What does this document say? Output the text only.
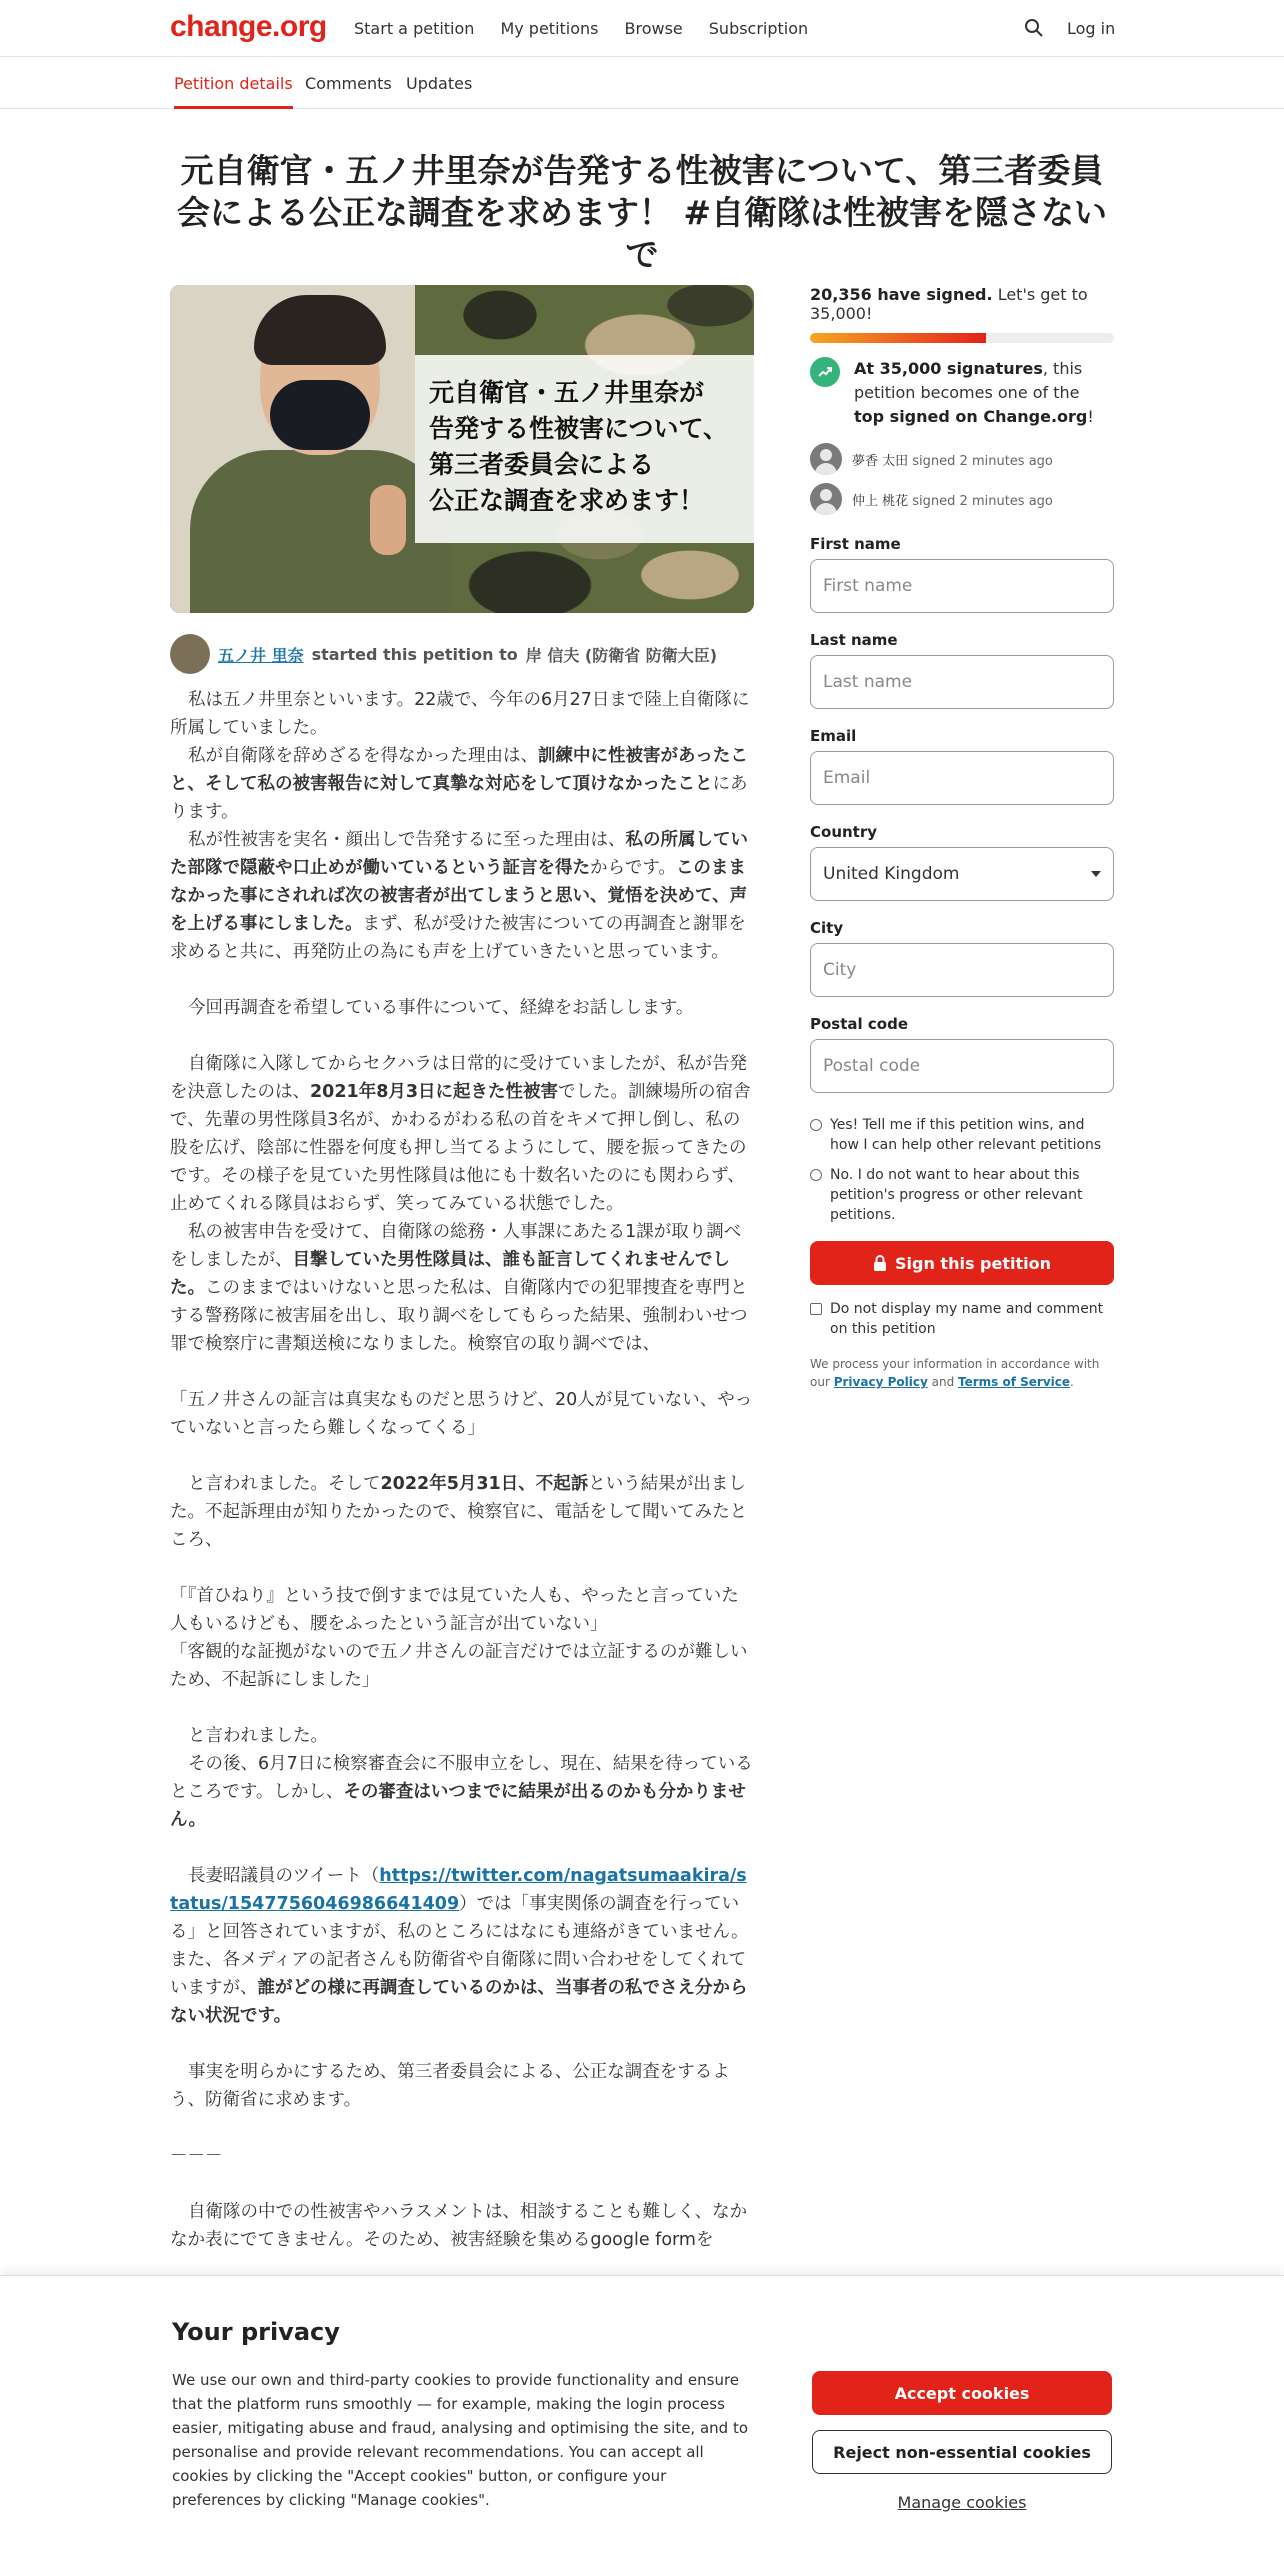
change.org Start a petition My petitions Browse Subscription	Log in
Petition details Comments Updates
元自衛官・五ノ井里奈が告発する性被害について、第三者委員会による公正な調査を求めます！ #自衛隊は性被害を隠さないで
元自衛官・五ノ井里奈が
告発する性被害について、
第三者委員会による
公正な調査を求めます！
五ノ井 里奈 started this petition to 岸 信夫 (防衛省 防衛大臣)

私は五ノ井里奈といいます。22歳で、今年の6月27日まで陸上自衛隊に所属していました。

私が自衛隊を辞めざるを得なかった理由は、訓練中に性被害があったこと、そして私の被害報告に対して真摯な対応をして頂けなかったことにあります。

私が性被害を実名・顔出しで告発するに至った理由は、私の所属していた部隊で隠蔽や口止めが働いているという証言を得たからです。このままなかった事にされれば次の被害者が出てしまうと思い、覚悟を決めて、声を上げる事にしました。まず、私が受けた被害についての再調査と謝罪を求めると共に、再発防止の為にも声を上げていきたいと思っています。

今回再調査を希望している事件について、経緯をお話しします。

自衛隊に入隊してからセクハラは日常的に受けていましたが、私が告発を決意したのは、2021年8月3日に起きた性被害でした。訓練場所の宿舎で、先輩の男性隊員3名が、かわるがわる私の首をキメて押し倒し、私の股を広げ、陰部に性器を何度も押し当てるようにして、腰を振ってきたのです。その様子を見ていた男性隊員は他にも十数名いたのにも関わらず、止めてくれる隊員はおらず、笑ってみている状態でした。

私の被害申告を受けて、自衛隊の総務・人事課にあたる1課が取り調べをしましたが、目撃していた男性隊員は、誰も証言してくれませんでした。このままではいけないと思った私は、自衛隊内での犯罪捜査を専門とする警務隊に被害届を出し、取り調べをしてもらった結果、強制わいせつ罪で検察庁に書類送検になりました。検察官の取り調べでは、

「五ノ井さんの証言は真実なものだと思うけど、20人が見ていない、やっていないと言ったら難しくなってくる」

と言われました。そして2022年5月31日、不起訴という結果が出ました。不起訴理由が知りたかったので、検察官に、電話をして聞いてみたところ、

「『首ひねり』という技で倒すまでは見ていた人も、やったと言っていた人もいるけども、腰をふったという証言が出ていない」

「客観的な証拠がないので五ノ井さんの証言だけでは立証するのが難しいため、不起訴にしました」

と言われました。

その後、6月7日に検察審査会に不服申立をし、現在、結果を待っているところです。しかし、その審査はいつまでに結果が出るのかも分かりません。

長妻昭議員のツイート（https://twitter.com/nagatsumaakira/status/1547756046986641409）では「事実関係の調査を行っている」と回答されていますが、私のところにはなにも連絡がきていません。また、各メディアの記者さんも防衛省や自衛隊に問い合わせをしてくれていますが、誰がどの様に再調査しているのかは、当事者の私でさえ分からない状況です。

事実を明らかにするため、第三者委員会による、公正な調査をするよう、防衛省に求めます。

－－－

自衛隊の中での性被害やハラスメントは、相談することも難しく、なかなか表にでてきません。そのため、被害経験を集めるgoogle formを

20,356 have signed. Let's get to 35,000!
At 35,000 signatures, this petition becomes one of the top signed on Change.org!
夢香 太田 signed 2 minutes ago
仲上 桃花 signed 2 minutes ago
First name
First name
Last name
Last name
Email
Email
Country
United Kingdom
City
City
Postal code
Postal code
Yes! Tell me if this petition wins, and how I can help other relevant petitions
No. I do not want to hear about this petition's progress or other relevant petitions.
Sign this petition
Do not display my name and comment on this petition
We process your information in accordance with our Privacy Policy and Terms of Service.
Your privacy
We use our own and third-party cookies to provide functionality and ensure that the platform runs smoothly — for example, making the login process easier, mitigating abuse and fraud, analysing and optimising the site, and to personalise and provide relevant recommendations. You can accept all cookies by clicking the "Accept cookies" button, or configure your preferences by clicking "Manage cookies".
Accept cookies
Reject non-essential cookies
Manage cookies
